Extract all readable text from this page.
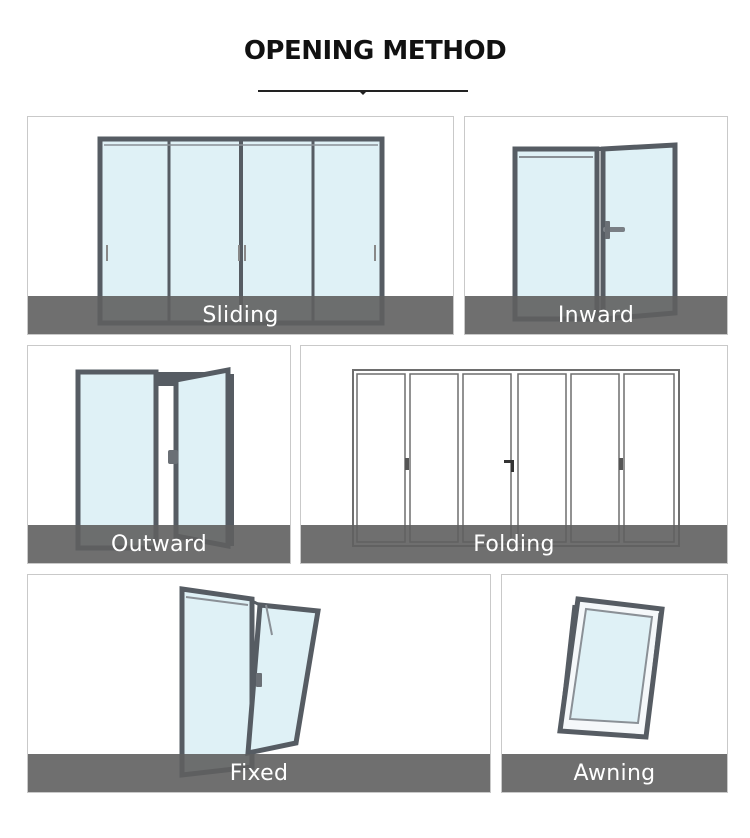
OPENING METHOD
Sliding	Inward
Outward	Folding
Fixed	Awning
